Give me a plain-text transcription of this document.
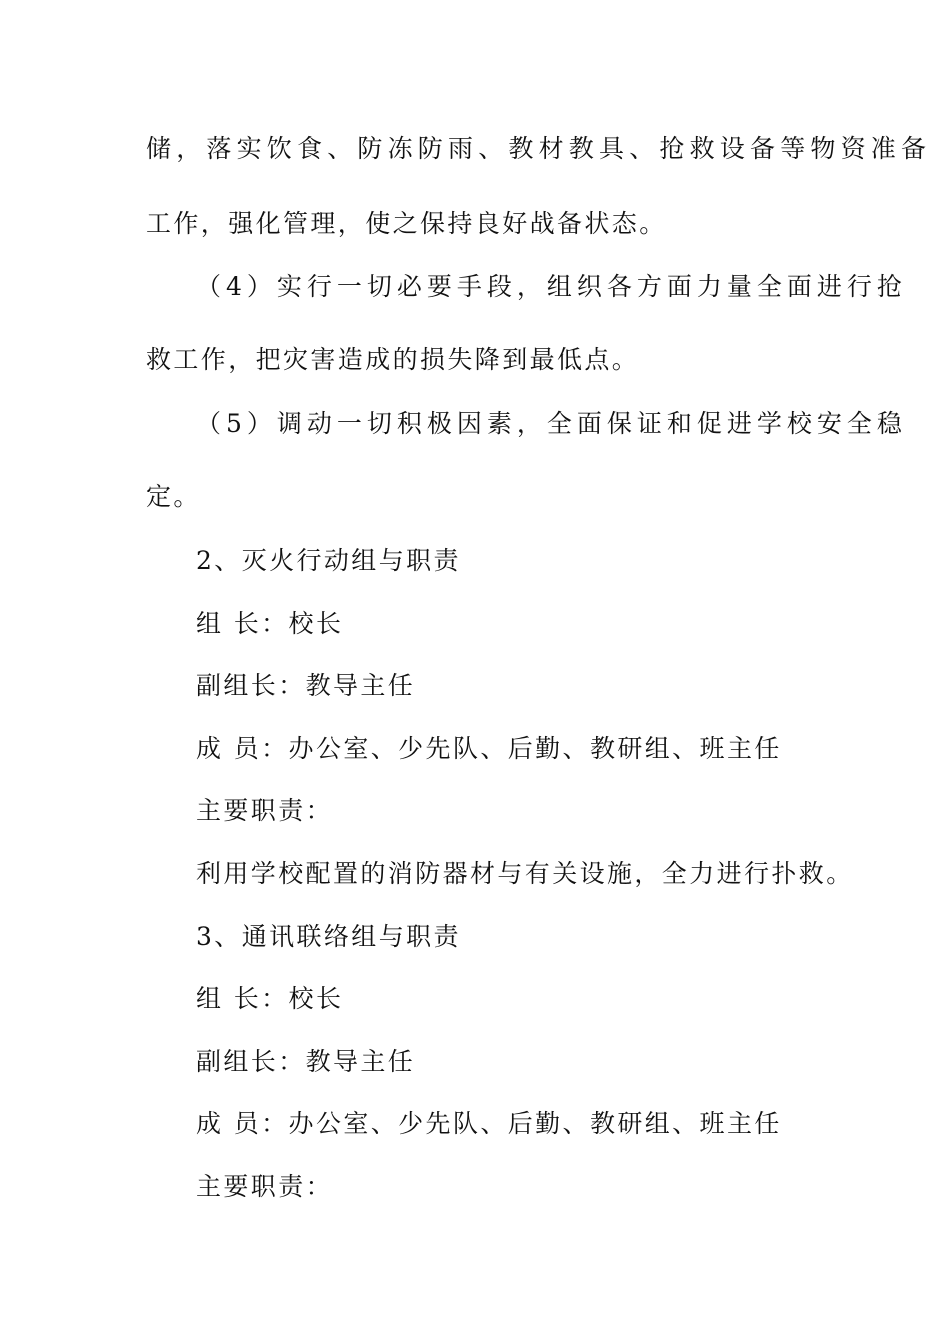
储，落实饮食、防冻防雨、教材教具、抢救设备等物资准备
工作，强化管理，使之保持良好战备状态。
（4）实行一切必要手段，组织各方面力量全面进行抢
救工作，把灾害造成的损失降到最低点。
（5）调动一切积极因素，全面保证和促进学校安全稳
定。
2、灭火行动组与职责
组 长：校长
副组长：教导主任
成 员：办公室、少先队、后勤、教研组、班主任
主要职责：
利用学校配置的消防器材与有关设施，全力进行扑救。
3、通讯联络组与职责
组 长：校长
副组长：教导主任
成 员：办公室、少先队、后勤、教研组、班主任
主要职责：
